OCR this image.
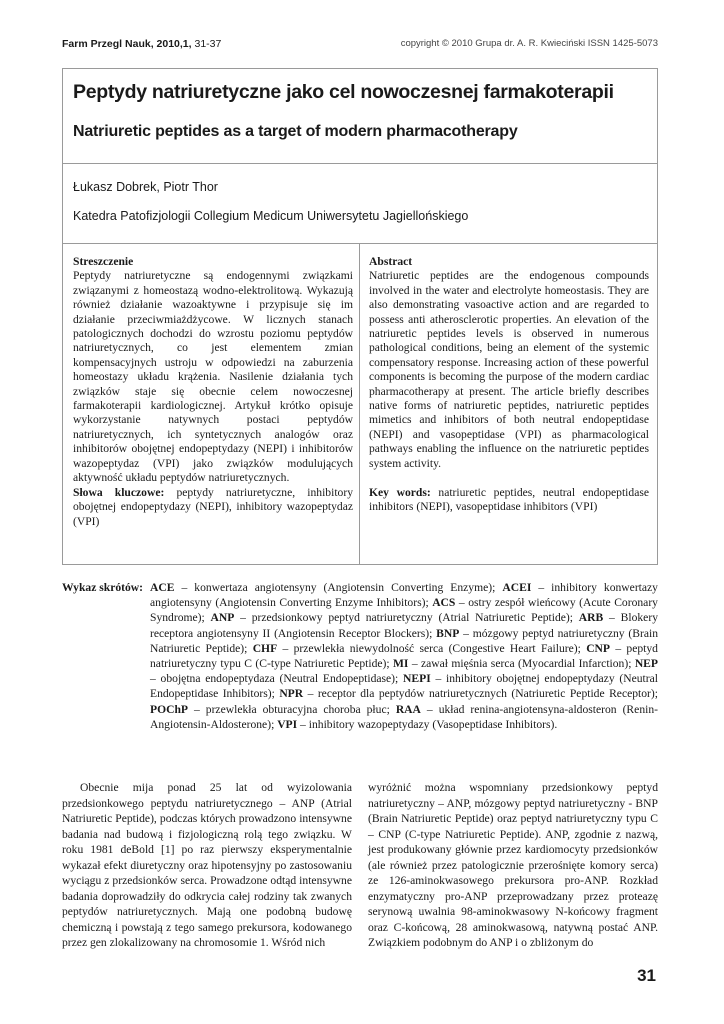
Farm Przegl Nauk, 2010,1, 31-37	copyright © 2010 Grupa dr. A. R. Kwieciński ISSN 1425-5073
Peptydy natriuretyczne jako cel nowoczesnej farmakoterapii
Natriuretic peptides as a target of modern pharmacotherapy
Łukasz Dobrek, Piotr Thor
Katedra Patofizjologii Collegium Medicum Uniwersytetu Jagiellońskiego
Streszczenie

Peptydy natriuretyczne są endogennymi związkami związanymi z homeostazą wodno-elektrolitową. Wykazują również działanie wazoaktywne i przypisuje się im działanie przeciwmiażdżycowe. W licznych stanach patologicznych dochodzi do wzrostu poziomu peptydów natriuretycznych, co jest elementem zmian kompensacyjnych ustroju w odpowiedzi na zaburzenia homeostazy układu krążenia. Nasilenie działania tych związków staje się obecnie celem nowoczesnej farmakoterapii kardiologicznej. Artykuł krótko opisuje wykorzystanie natywnych postaci peptydów natriuretycznych, ich syntetycznych analogów oraz inhibitorów obojętnej endopeptydazy (NEPI) i inhibitorów wazopeptydaz (VPI) jako związków modulujących aktywność układu peptydów natriuretycznych.

Abstract

Natriuretic peptides are the endogenous compounds involved in the water and electrolyte homeostasis. They are also demonstrating vasoactive action and are regarded to possess anti atherosclerotic properties. An elevation of the natriuretic peptides levels is observed in numerous pathological conditions, being an element of the systemic compensatory response. Increasing action of these powerful components is becoming the purpose of the modern cardiac pharmacotherapy at present. The article briefly describes native forms of natriuretic peptides, natriuretic peptides mimetics and inhibitors of both neutral endopeptidase (NEPI) and vasopeptidase (VPI) as pharmacological pathways enabling the influence on the natriuretic peptides system activity.

Słowa kluczowe: peptydy natriuretyczne, inhibitory obojętnej endopeptydazy (NEPI), inhibitory wazopeptydaz (VPI)
Key words: natriuretic peptides, neutral endopeptidase inhibitors (NEPI), vasopeptidase inhibitors (VPI)
Wykaz skrótów: ACE – konwertaza angiotensyny (Angiotensin Converting Enzyme); ACEI – inhibitory konwertazy angiotensyny (Angiotensin Converting Enzyme Inhibitors); ACS – ostry zespół wieńcowy (Acute Coronary Syndrome); ANP – przedsionkowy peptyd natriuretyczny (Atrial Natriuretic Peptide); ARB – Blokery receptora angiotensyny II (Angiotensin Receptor Blockers); BNP – mózgowy peptyd natriuretyczny (Brain Natriuretic Peptide); CHF – przewlekła niewydolność serca (Congestive Heart Failure); CNP – peptyd natriuretyczny typu C (C-type Natriuretic Peptide); MI – zawał mięśnia serca (Myocardial Infarction); NEP – obojętna endopeptydaza (Neutral Endopeptidase); NEPI – inhibitory obojętnej endopeptydazy (Neutral Endopeptidase Inhibitors); NPR – receptor dla peptydów natriuretycznych (Natriuretic Peptide Receptor); POChP – przewlekła obturacyjna choroba płuc; RAA – układ renina-angiotensyna-aldosteron (Renin-Angiotensin-Aldosterone); VPI – inhibitory wazopeptydazy (Vasopeptidase Inhibitors).

Obecnie mija ponad 25 lat od wyizolowania przedsionkowego peptydu natriuretycznego – ANP (Atrial Natriuretic Peptide), podczas których prowadzono intensywne badania nad budową i fizjologiczną rolą tego związku. W roku 1981 deBold [1] po raz pierwszy eksperymentalnie wykazał efekt diuretyczny oraz hipotensyjny po zastosowaniu wyciągu z przedsionków serca. Prowadzone odtąd intensywne badania doprowadziły do odkrycia całej rodziny tak zwanych peptydów natriuretycznych. Mają one podobną budowę chemiczną i powstają z tego samego prekursora, kodowanego przez gen zlokalizowany na chromosomie 1. Wśród nich

wyróżnić można wspomniany przedsionkowy peptyd natriuretyczny – ANP, mózgowy peptyd natriuretyczny - BNP (Brain Natriuretic Peptide) oraz peptyd natriuretyczny typu C – CNP (C-type Natriuretic Peptide). ANP, zgodnie z nazwą, jest produkowany głównie przez kardiomocyty przedsionków (ale również przez patologicznie przerośnięte komory serca) ze 126-aminokwasowego prekursora pro-ANP. Rozkład enzymatyczny pro-ANP przeprowadzany przez proteazę serynową uwalnia 98-aminokwasowy N-końcowy fragment oraz C-końcową, 28 aminokwasową, natywną postać ANP. Związkiem podobnym do ANP i o zbliżonym do

31
